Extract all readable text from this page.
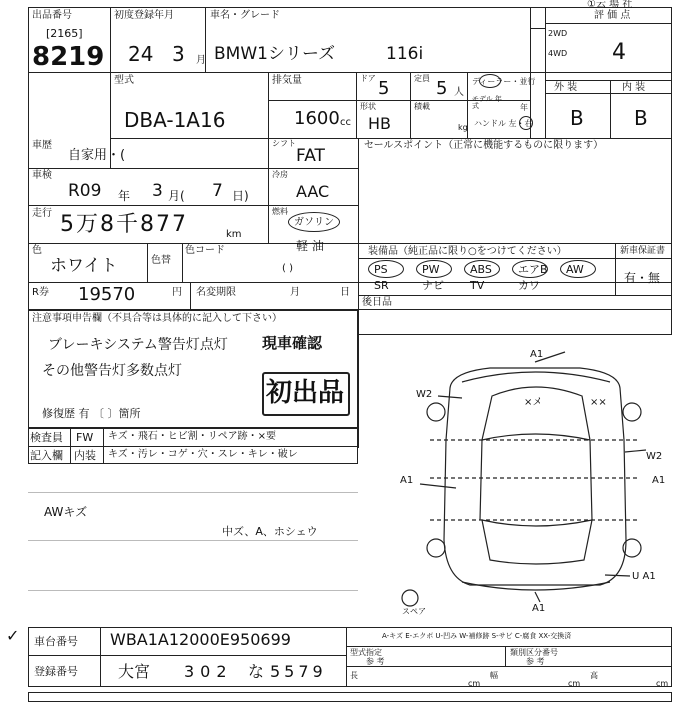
①云 場 社
出品番号
[2165]
8219
初度登録年月
24 3 月
車名・グレード
BMW1シリーズ	116i
2WD
4WD
評 価 点
4
型式
DBA-1A16
排気量
1600 cc
ドア 5	定員 5 人
ディーラー・並行
モデル 年式	年
形状
HB
積載
kg ハンドル 左・右
外 装
B
内 装
B
車歴
自家用・(
シフト
FAT
車検
R09 年 3 月( 7 日)
冷房
AAC
走行 5万8千877	km
燃料
ガソリン
軽 油
( )
色
ホワイト	色替
色コード
R券 19570	円 名変期限	月	日
セールスポイント（正常に機能するものに限ります）
装備品（純正品に限り○をつけてください）	新車保証書
有・無
PS	PW	ABS エアB AW
SR	ナビ TV	カワ
後日品
注意事項申告欄（不具合等は具体的に記入して下さい）
ブレーキシステム警告灯点灯
その他警告灯多数点灯
現車確認
初出品
修復歴 有 〔 〕箇所
検査員
記入欄
FW キズ・飛石・ヒビ割・リペア跡・×要
内装 キズ・汚レ・コゲ・穴・スレ・キレ・破レ
AWキズ
中ズ、A、ホシェウ
A1
W2
×メ	××
W2
A1	A1
U A1
スペア	A1
A-キズ E-エクボ U-凹み W-補修跡 S-サビ C-腐食 XX-交換済
✓ 車台番号 WBA1A12000E950699
登録番号	大宮 302 な 5579
型式指定
参 考
類別区分番号
参 考
長
cm
幅
cm
高
cm
